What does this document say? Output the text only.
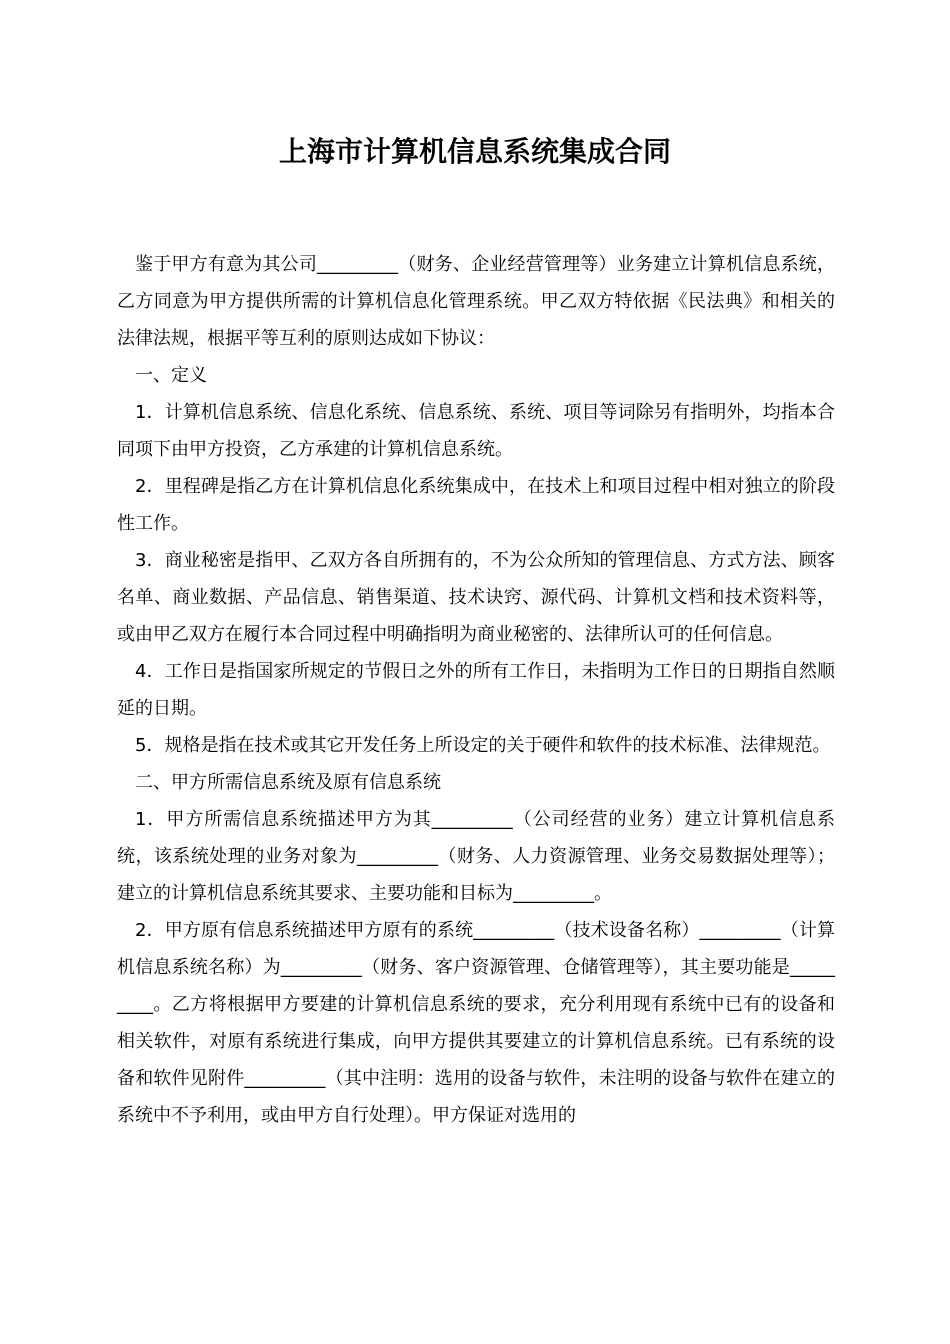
上海市计算机信息系统集成合同

鉴于甲方有意为其公司_________（财务、企业经营管理等）业务建立计算机信息系统，乙方同意为甲方提供所需的计算机信息化管理系统。甲乙双方特依据《民法典》和相关的法律法规，根据平等互利的原则达成如下协议：

一、定义

1．计算机信息系统、信息化系统、信息系统、系统、项目等词除另有指明外，均指本合同项下由甲方投资，乙方承建的计算机信息系统。

2．里程碑是指乙方在计算机信息化系统集成中，在技术上和项目过程中相对独立的阶段性工作。

3．商业秘密是指甲、乙双方各自所拥有的，不为公众所知的管理信息、方式方法、顾客名单、商业数据、产品信息、销售渠道、技术诀窍、源代码、计算机文档和技术资料等，或由甲乙双方在履行本合同过程中明确指明为商业秘密的、法律所认可的任何信息。

4．工作日是指国家所规定的节假日之外的所有工作日，未指明为工作日的日期指自然顺延的日期。

5．规格是指在技术或其它开发任务上所设定的关于硬件和软件的技术标准、法律规范。

二、甲方所需信息系统及原有信息系统

1．甲方所需信息系统描述甲方为其_________（公司经营的业务）建立计算机信息系统，该系统处理的业务对象为_________（财务、人力资源管理、业务交易数据处理等）；建立的计算机信息系统其要求、主要功能和目标为_________。

2．甲方原有信息系统描述甲方原有的系统_________（技术设备名称）_________（计算机信息系统名称）为_________（财务、客户资源管理、仓储管理等），其主要功能是_________。乙方将根据甲方要建的计算机信息系统的要求，充分利用现有系统中已有的设备和相关软件，对原有系统进行集成，向甲方提供其要建立的计算机信息系统。已有系统的设备和软件见附件_________（其中注明：选用的设备与软件，未注明的设备与软件在建立的系统中不予利用，或由甲方自行处理）。甲方保证对选用的
